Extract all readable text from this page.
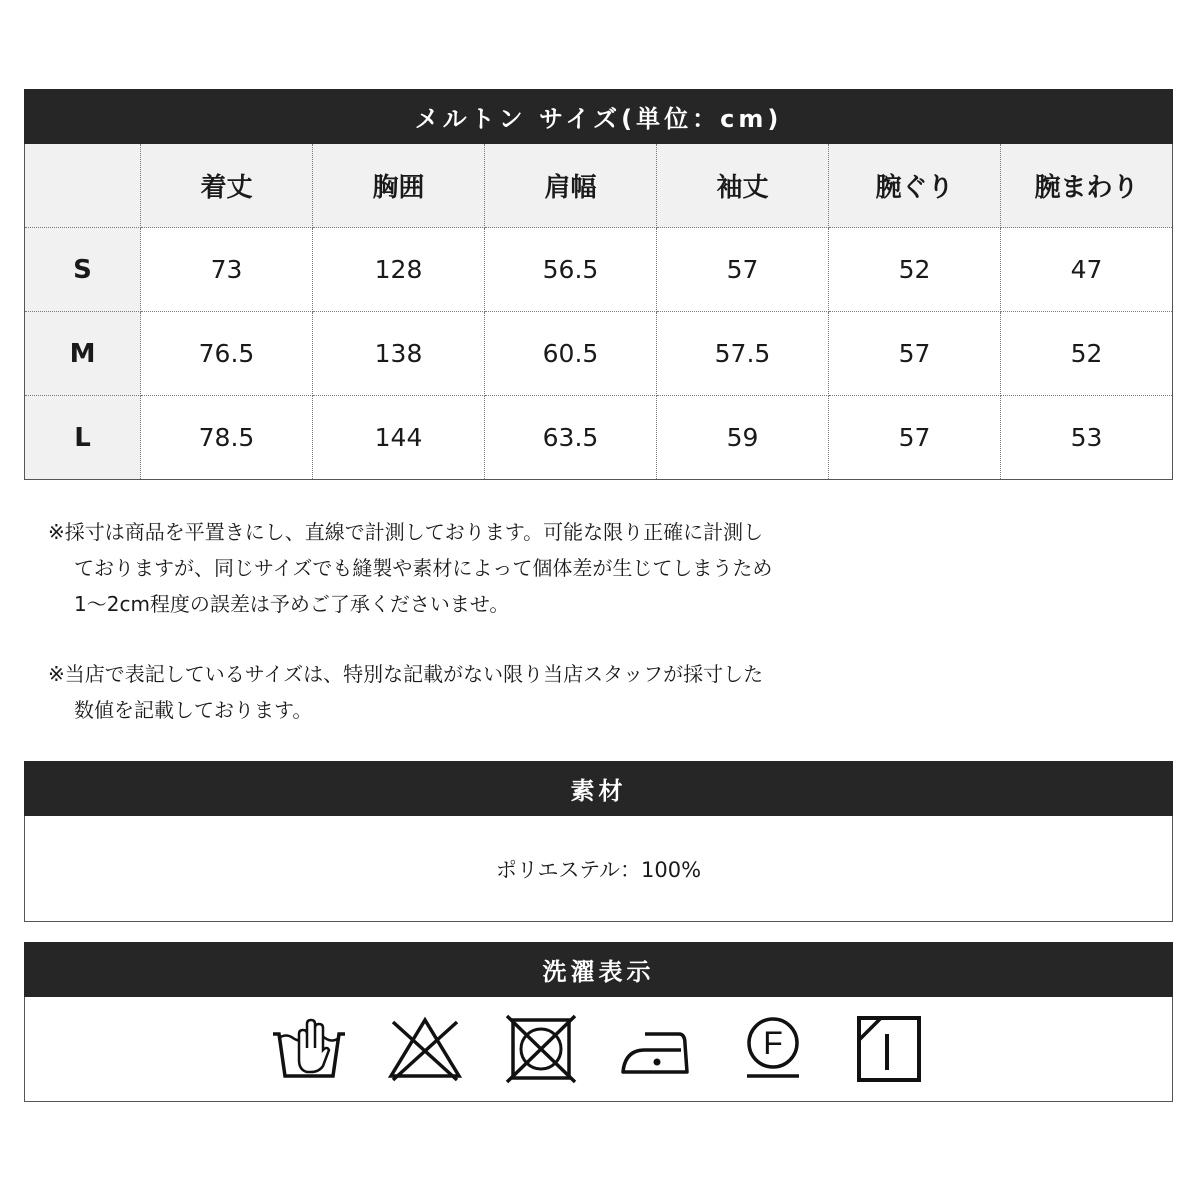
メルトン サイズ(単位：cm)
	着丈	胸囲	肩幅	袖丈	腕ぐり	腕まわり
S	73	128	56.5	57	52	47
M	76.5	138	60.5	57.5	57	52
L	78.5	144	63.5	59	57	53

※採寸は商品を平置きにし、直線で計測しております。可能な限り正確に計測し

ておりますが、同じサイズでも縫製や素材によって個体差が生じてしまうため

1〜2cm程度の誤差は予めご了承くださいませ。

※当店で表記しているサイズは、特別な記載がない限り当店スタッフが採寸した

数値を記載しております。

素材
ポリエステル：100%
洗濯表示
F
